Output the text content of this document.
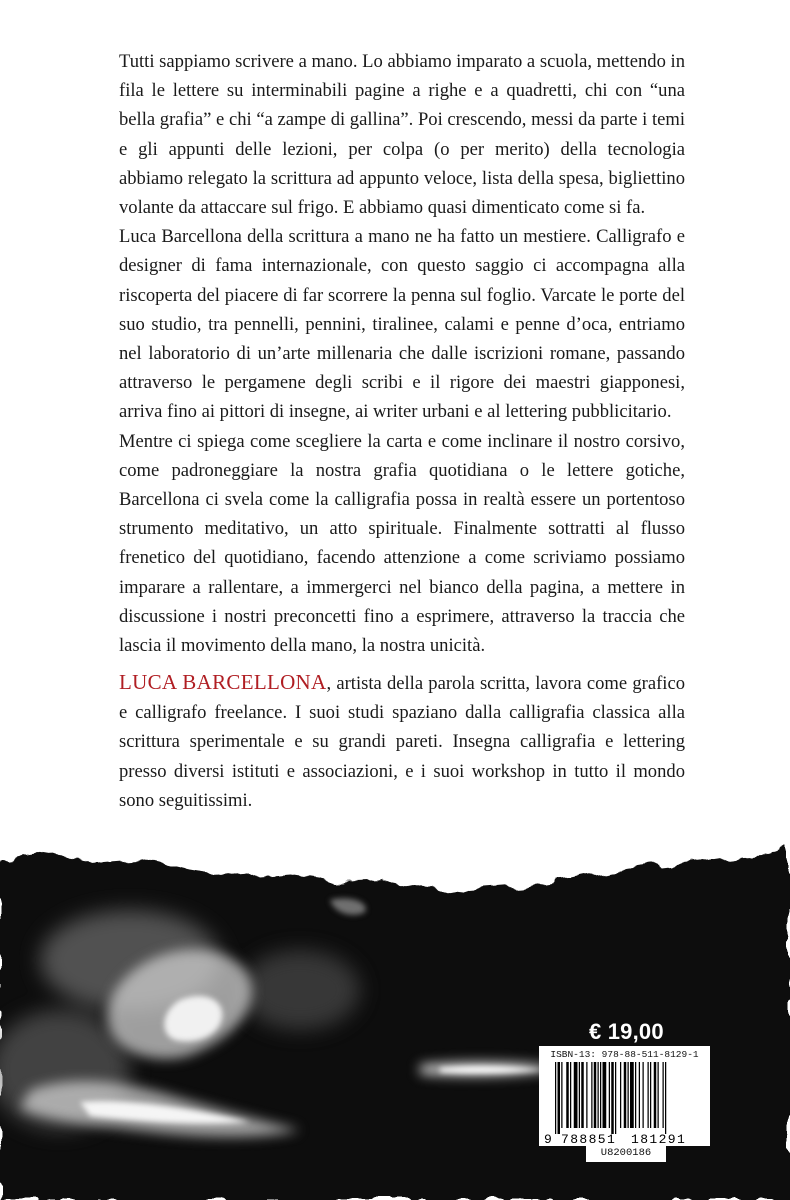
Tutti sappiamo scrivere a mano. Lo abbiamo imparato a scuola, mettendo in fila le lettere su interminabili pagine a righe e a quadretti, chi con “una bella grafia” e chi “a zampe di gallina”. Poi crescendo, messi da parte i temi e gli appunti delle lezioni, per colpa (o per merito) della tecnologia abbiamo relegato la scrittura ad appunto veloce, lista della spesa, bigliettino volante da attaccare sul frigo. E abbiamo quasi dimenticato come si fa.

Luca Barcellona della scrittura a mano ne ha fatto un mestiere. Calligrafo e designer di fama internazionale, con questo saggio ci accompagna alla riscoperta del piacere di far scorrere la penna sul foglio. Varcate le porte del suo studio, tra pennelli, pennini, tiralinee, calami e penne d’oca, entriamo nel laboratorio di un’arte millenaria che dalle iscrizioni romane, passando attraverso le pergamene degli scribi e il rigore dei maestri giapponesi, arriva fino ai pittori di insegne, ai writer urbani e al lettering pubblicitario.

Mentre ci spiega come scegliere la carta e come inclinare il nostro corsivo, come padroneggiare la nostra grafia quotidiana o le lettere gotiche, Barcellona ci svela come la calligrafia possa in realtà essere un portentoso strumento meditativo, un atto spirituale. Finalmente sottratti al flusso frenetico del quotidiano, facendo attenzione a come scriviamo possiamo imparare a rallentare, a immergerci nel bianco della pagina, a mettere in discussione i nostri preconcetti fino a esprimere, attraverso la traccia che lascia il movimento della mano, la nostra unicità.

LUCA BARCELLONA, artista della parola scritta, lavora come grafico e calligrafo freelance. I suoi studi spaziano dalla calligrafia classica alla scrittura sperimentale e su grandi pareti. Insegna calligrafia e lettering presso diversi istituti e associazioni, e i suoi workshop in tutto il mondo sono seguitissimi.

€ 19,00
ISBN-13: 978-88-511-8129-1
9 788851 181291
U8200186
